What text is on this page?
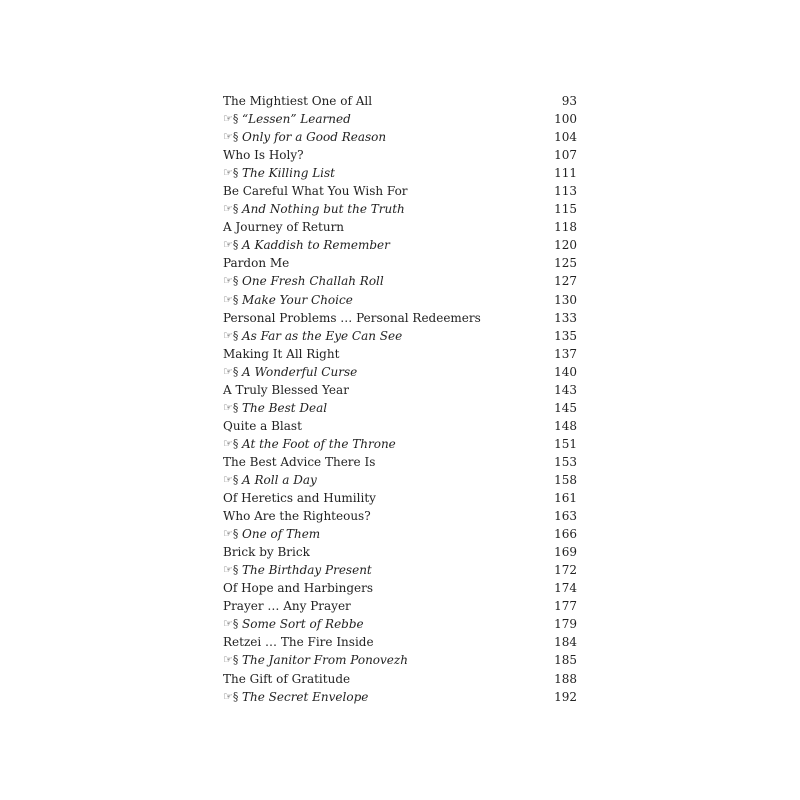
The Mightiest One of All	93
☞§ “Lessen” Learned	100
☞§ Only for a Good Reason	104
Who Is Holy?	107
☞§ The Killing List	111
Be Careful What You Wish For	113
☞§ And Nothing but the Truth	115
A Journey of Return	118
☞§ A Kaddish to Remember	120
Pardon Me	125
☞§ One Fresh Challah Roll	127
☞§ Make Your Choice	130
Personal Problems … Personal Redeemers	133
☞§ As Far as the Eye Can See	135
Making It All Right	137
☞§ A Wonderful Curse	140
A Truly Blessed Year	143
☞§ The Best Deal	145
Quite a Blast	148
☞§ At the Foot of the Throne	151
The Best Advice There Is	153
☞§ A Roll a Day	158
Of Heretics and Humility	161
Who Are the Righteous?	163
☞§ One of Them	166
Brick by Brick	169
☞§ The Birthday Present	172
Of Hope and Harbingers	174
Prayer … Any Prayer	177
☞§ Some Sort of Rebbe	179
Retzei … The Fire Inside	184
☞§ The Janitor From Ponovezh	185
The Gift of Gratitude	188
☞§ The Secret Envelope	192
